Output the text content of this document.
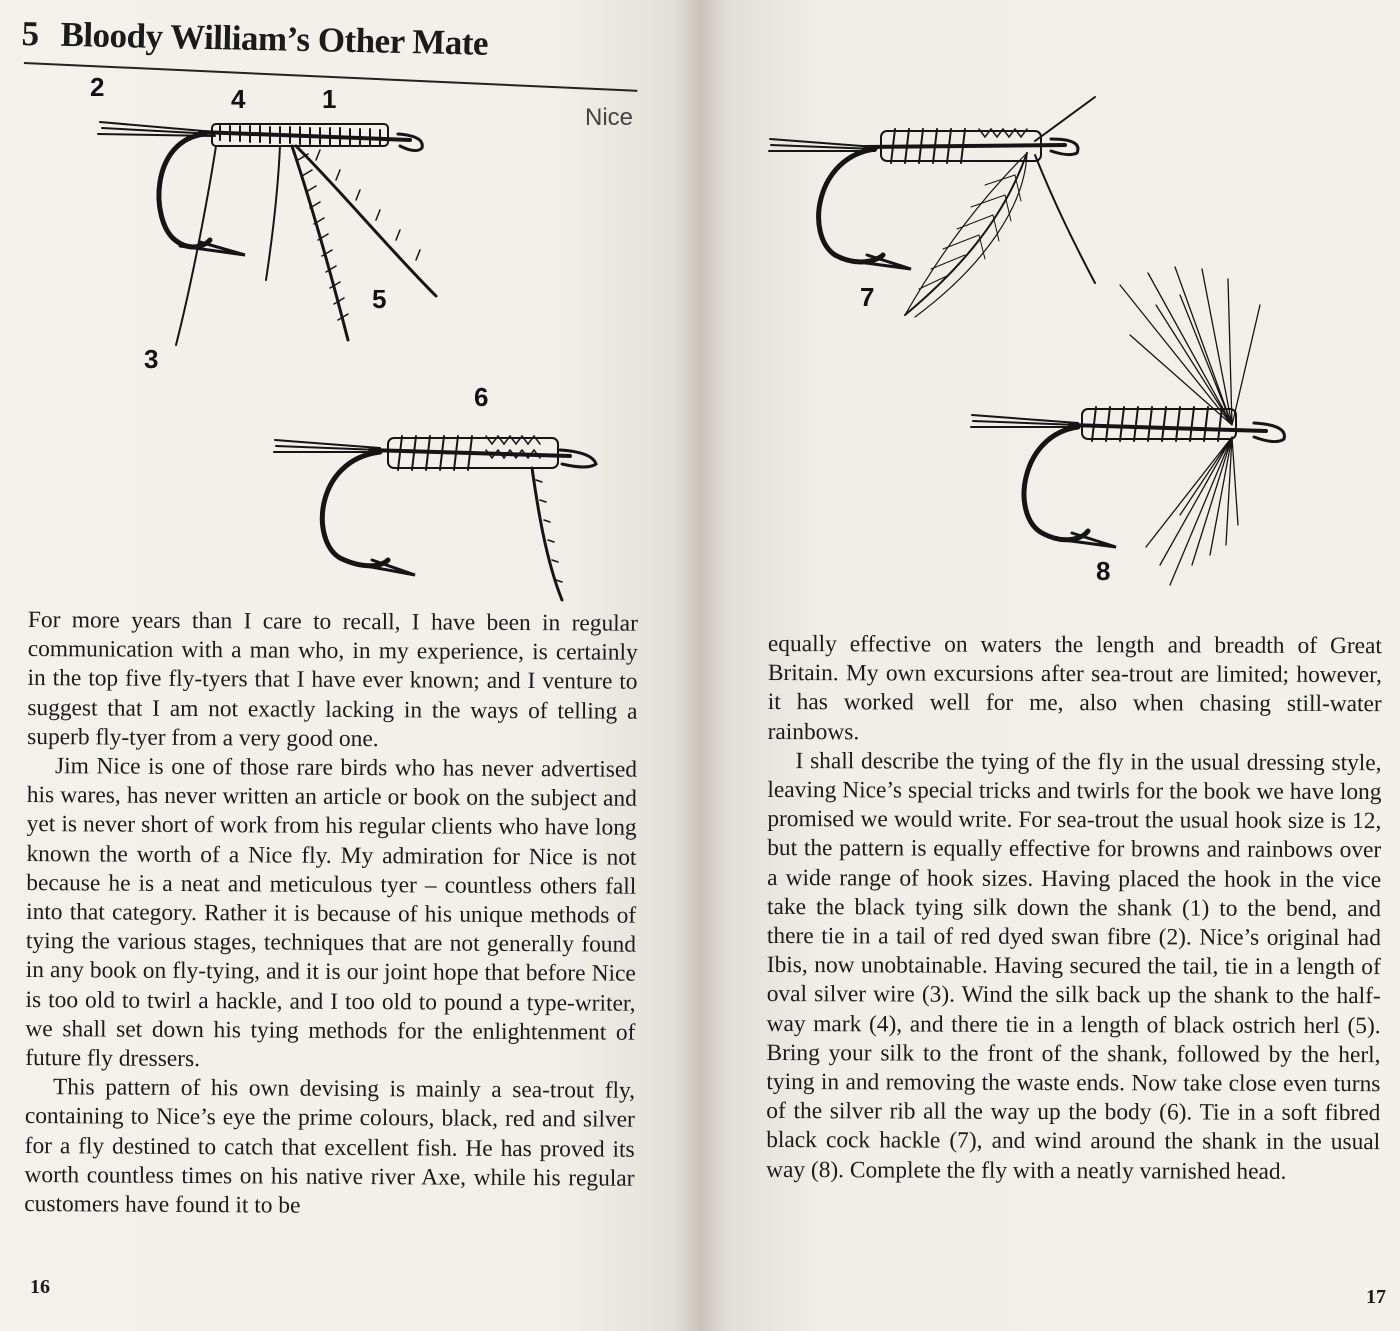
5 Bloody William’s Other Mate
Nice
2	4	1
5
3
6

For more years than I care to recall, I have been in regular communication with a man who, in my experience, is certainly in the top five fly-tyers that I have ever known; and I venture to suggest that I am not exactly lacking in the ways of telling a superb fly-tyer from a very good one.

Jim Nice is one of those rare birds who has never advertised his wares, has never written an article or book on the subject and yet is never short of work from his regular clients who have long known the worth of a Nice fly. My admiration for Nice is not because he is a neat and meticulous tyer – countless others fall into that category. Rather it is because of his unique methods of tying the various stages, techniques that are not generally found in any book on fly-tying, and it is our joint hope that before Nice is too old to twirl a hackle, and I too old to pound a type-writer, we shall set down his tying methods for the enlightenment of future fly dressers.

This pattern of his own devising is mainly a sea-trout fly, containing to Nice’s eye the prime colours, black, red and silver for a fly destined to catch that excellent fish. He has proved its worth countless times on his native river Axe, while his regular customers have found it to be

16
7
8

equally effective on waters the length and breadth of Great Britain. My own excursions after sea-trout are limited; however, it has worked well for me, also when chasing still-water rainbows.

I shall describe the tying of the fly in the usual dressing style, leaving Nice’s special tricks and twirls for the book we have long promised we would write. For sea-trout the usual hook size is 12, but the pattern is equally effective for browns and rainbows over a wide range of hook sizes. Having placed the hook in the vice take the black tying silk down the shank (1) to the bend, and there tie in a tail of red dyed swan fibre (2). Nice’s original had Ibis, now unobtainable. Having secured the tail, tie in a length of oval silver wire (3). Wind the silk back up the shank to the half-way mark (4), and there tie in a length of black ostrich herl (5). Bring your silk to the front of the shank, followed by the herl, tying in and removing the waste ends. Now take close even turns of the silver rib all the way up the body (6). Tie in a soft fibred black cock hackle (7), and wind around the shank in the usual way (8). Complete the fly with a neatly varnished head.

17
